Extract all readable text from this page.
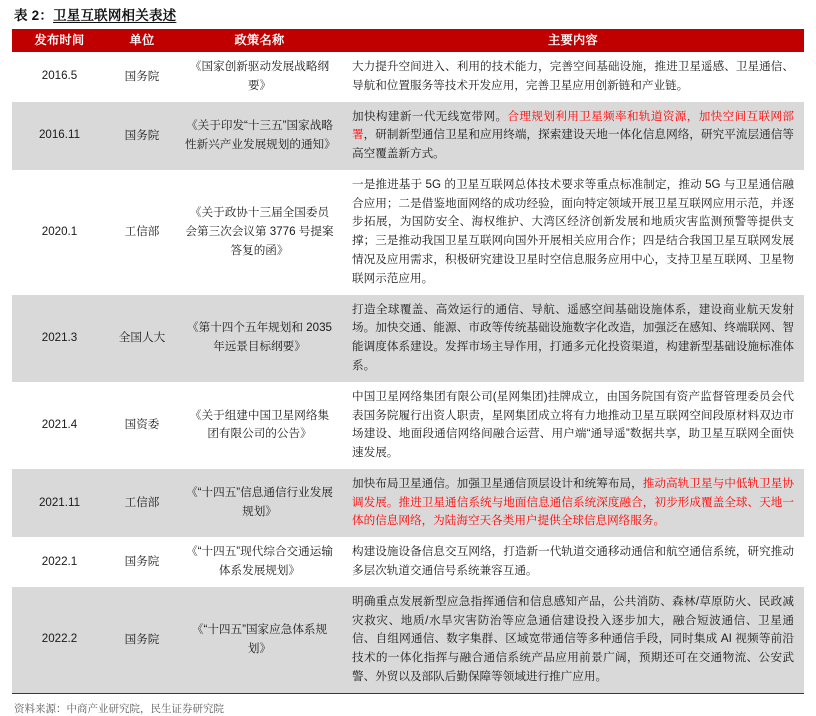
表 2：卫星互联网相关表述
发布时间	单位	政策名称	主要内容
2016.5	国务院	《国家创新驱动发展战略纲要》	大力提升空间进入、利用的技术能力，完善空间基础设施，推进卫星遥感、卫星通信、导航和位置服务等技术开发应用，完善卫星应用创新链和产业链。
2016.11	国务院	《关于印发“十三五”国家战略性新兴产业发展规划的通知》	加快构建新一代无线宽带网。合理规划利用卫星频率和轨道资源，加快空间互联网部署，研制新型通信卫星和应用终端，探索建设天地一体化信息网络，研究平流层通信等高空覆盖新方式。
2020.1	工信部	《关于政协十三届全国委员会第三次会议第 3776 号提案答复的函》	一是推进基于 5G 的卫星互联网总体技术要求等重点标准制定，推动 5G 与卫星通信融合应用；二是借鉴地面网络的成功经验，面向特定领域开展卫星互联网应用示范，并逐步拓展，为国防安全、海权维护、大湾区经济创新发展和地质灾害监测预警等提供支撑；三是推动我国卫星互联网向国外开展相关应用合作；四是结合我国卫星互联网发展情况及应用需求，积极研究建设卫星时空信息服务应用中心，支持卫星互联网、卫星物联网示范应用。
2021.3	全国人大	《第十四个五年规划和 2035 年远景目标纲要》	打造全球覆盖、高效运行的通信、导航、遥感空间基础设施体系，建设商业航天发射场。加快交通、能源、市政等传统基础设施数字化改造，加强泛在感知、终端联网、智能调度体系建设。发挥市场主导作用，打通多元化投资渠道，构建新型基础设施标准体系。
2021.4	国资委	《关于组建中国卫星网络集团有限公司的公告》	中国卫星网络集团有限公司(星网集团)挂牌成立，由国务院国有资产监督管理委员会代表国务院履行出资人职责，星网集团成立将有力地推动卫星互联网空间段原材料双边市场建设、地面段通信网络间融合运营、用户端“通导遥”数据共享，助卫星互联网全面快速发展。
2021.11	工信部	《“十四五”信息通信行业发展规划》	加快布局卫星通信。加强卫星通信顶层设计和统筹布局，推动高轨卫星与中低轨卫星协调发展。推进卫星通信系统与地面信息通信系统深度融合，初步形成覆盖全球、天地一体的信息网络，为陆海空天各类用户提供全球信息网络服务。
2022.1	国务院	《“十四五”现代综合交通运输体系发展规划》	构建设施设备信息交互网络，打造新一代轨道交通移动通信和航空通信系统，研究推动多层次轨道交通信号系统兼容互通。
2022.2	国务院	《“十四五”国家应急体系规划》	明确重点发展新型应急指挥通信和信息感知产品，公共消防、森林/草原防火、民政减灾救灾、地质/水旱灾害防治等应急通信建设投入逐步加大，融合短波通信、卫星通信、自组网通信、数字集群、区域宽带通信等多种通信手段，同时集成 AI 视频等前沿技术的一体化指挥与融合通信系统产品应用前景广阔，预期还可在交通物流、公安武警、外贸以及部队后勤保障等领域进行推广应用。
资料来源：中商产业研究院，民生证券研究院
